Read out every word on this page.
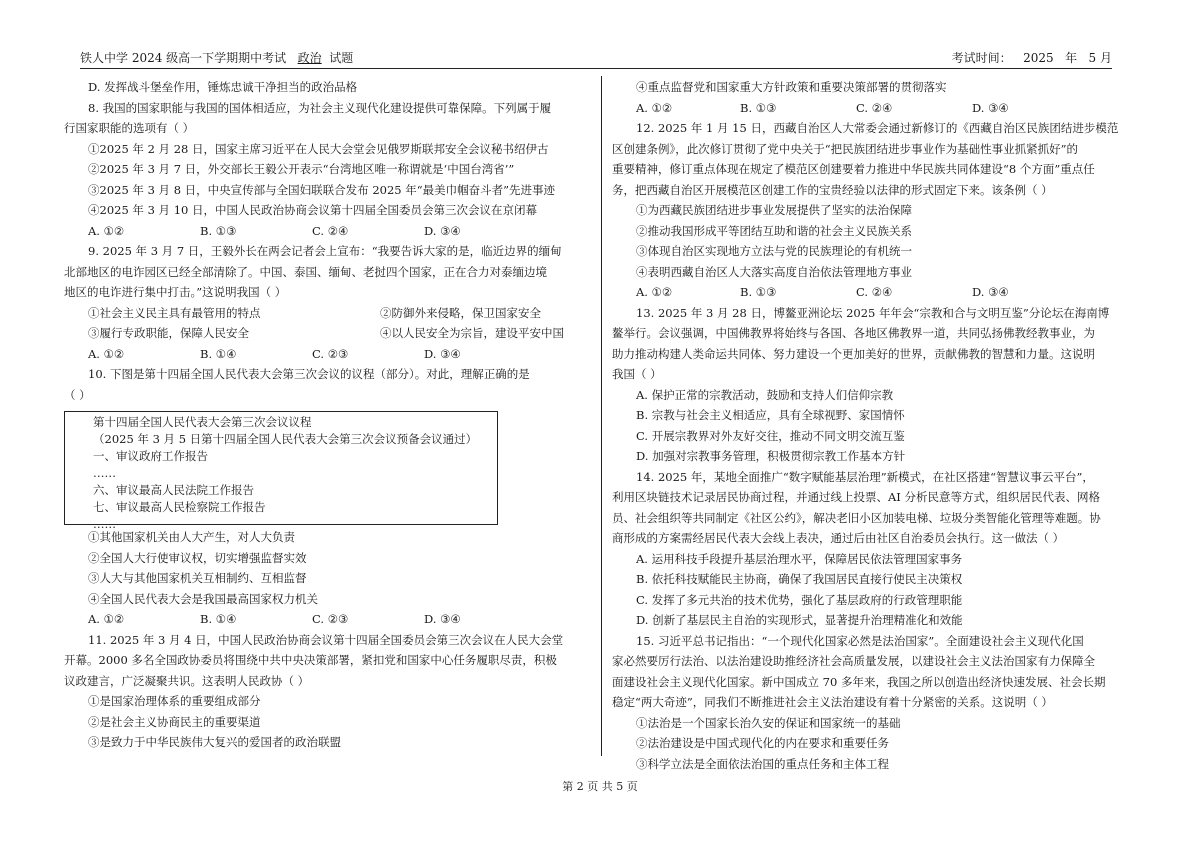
铁人中学 2024 级高一下学期期中考试   政治  试题	考试时间：   2025   年   5 月

D. 发挥战斗堡垒作用，锤炼忠诚干净担当的政治品格

8. 我国的国家职能与我国的国体相适应，为社会主义现代化建设提供可靠保障。下列属于履

行国家职能的选项有（ ）

①2025 年 2 月 28 日，国家主席习近平在人民大会堂会见俄罗斯联邦安全会议秘书绍伊古

②2025 年 3 月 7 日，外交部长王毅公开表示“台湾地区唯一称谓就是‘中国台湾省’”

③2025 年 3 月 8 日，中央宣传部与全国妇联联合发布 2025 年“最美巾帼奋斗者”先进事迹

④2025 年 3 月 10 日，中国人民政治协商会议第十四届全国委员会第三次会议在京闭幕

A. ①②	B. ①③	C. ②④	D. ③④

9. 2025 年 3 月 7 日，王毅外长在两会记者会上宣布：“我要告诉大家的是，临近边界的缅甸

北部地区的电诈园区已经全部清除了。中国、泰国、缅甸、老挝四个国家，正在合力对泰缅边境

地区的电诈进行集中打击。”这说明我国（ ）

①社会主义民主具有最管用的特点	②防御外来侵略，保卫国家安全
③履行专政职能，保障人民安全	④以人民安全为宗旨，建设平安中国
A. ①②	B. ①④	C. ②③	D. ③④

10. 下图是第十四届全国人民代表大会第三次会议的议程（部分）。对此，理解正确的是

（ ）

第十四届全国人民代表大会第三次会议议程

（2025 年 3 月 5 日第十四届全国人民代表大会第三次会议预备会议通过）

一、审议政府工作报告

……

六、审议最高人民法院工作报告

七、审议最高人民检察院工作报告

……

①其他国家机关由人大产生，对人大负责

②全国人大行使审议权，切实增强监督实效

③人大与其他国家机关互相制约、互相监督

④全国人民代表大会是我国最高国家权力机关

A. ①②	B. ①④	C. ②③	D. ③④

11. 2025 年 3 月 4 日，中国人民政治协商会议第十四届全国委员会第三次会议在人民大会堂

开幕。2000 多名全国政协委员将围绕中共中央决策部署，紧扣党和国家中心任务履职尽责，积极

议政建言，广泛凝聚共识。这表明人民政协（ ）

①是国家治理体系的重要组成部分

②是社会主义协商民主的重要渠道

③是致力于中华民族伟大复兴的爱国者的政治联盟

④重点监督党和国家重大方针政策和重要决策部署的贯彻落实

A. ①②	B. ①③	C. ②④	D. ③④

12. 2025 年 1 月 15 日，西藏自治区人大常委会通过新修订的《西藏自治区民族团结进步模范

区创建条例》，此次修订贯彻了党中央关于“把民族团结进步事业作为基础性事业抓紧抓好”的

重要精神，修订重点体现在规定了模范区创建要着力推进中华民族共同体建设“8 个方面”重点任

务，把西藏自治区开展模范区创建工作的宝贵经验以法律的形式固定下来。该条例（ ）

①为西藏民族团结进步事业发展提供了坚实的法治保障

②推动我国形成平等团结互助和谐的社会主义民族关系

③体现自治区实现地方立法与党的民族理论的有机统一

④表明西藏自治区人大落实高度自治依法管理地方事业

A. ①②	B. ①③	C. ②④	D. ③④

13. 2025 年 3 月 28 日，博鳌亚洲论坛 2025 年年会“宗教和合与文明互鉴”分论坛在海南博

鳌举行。会议强调，中国佛教界将始终与各国、各地区佛教界一道，共同弘扬佛教经教事业，为

助力推动构建人类命运共同体、努力建设一个更加美好的世界，贡献佛教的智慧和力量。这说明

我国（ ）

A. 保护正常的宗教活动，鼓励和支持人们信仰宗教

B. 宗教与社会主义相适应，具有全球视野、家国情怀

C. 开展宗教界对外友好交往，推动不同文明交流互鉴

D. 加强对宗教事务管理，积极贯彻宗教工作基本方针

14. 2025 年，某地全面推广“数字赋能基层治理”新模式，在社区搭建“智慧议事云平台”，

利用区块链技术记录居民协商过程，并通过线上投票、AI 分析民意等方式，组织居民代表、网格

员、社会组织等共同制定《社区公约》，解决老旧小区加装电梯、垃圾分类智能化管理等难题。协

商形成的方案需经居民代表大会线上表决，通过后由社区自治委员会执行。这一做法（ ）

A. 运用科技手段提升基层治理水平，保障居民依法管理国家事务

B. 依托科技赋能民主协商，确保了我国居民直接行使民主决策权

C. 发挥了多元共治的技术优势，强化了基层政府的行政管理职能

D. 创新了基层民主自治的实现形式，显著提升治理精准化和效能

15. 习近平总书记指出：“一个现代化国家必然是法治国家”。全面建设社会主义现代化国

家必然要厉行法治、以法治建设助推经济社会高质量发展，以建设社会主义法治国家有力保障全

面建设社会主义现代化国家。新中国成立 70 多年来，我国之所以创造出经济快速发展、社会长期

稳定“两大奇迹”，同我们不断推进社会主义法治建设有着十分紧密的关系。这说明（ ）

①法治是一个国家长治久安的保证和国家统一的基础

②法治建设是中国式现代化的内在要求和重要任务

③科学立法是全面依法治国的重点任务和主体工程

第 2 页 共 5 页
